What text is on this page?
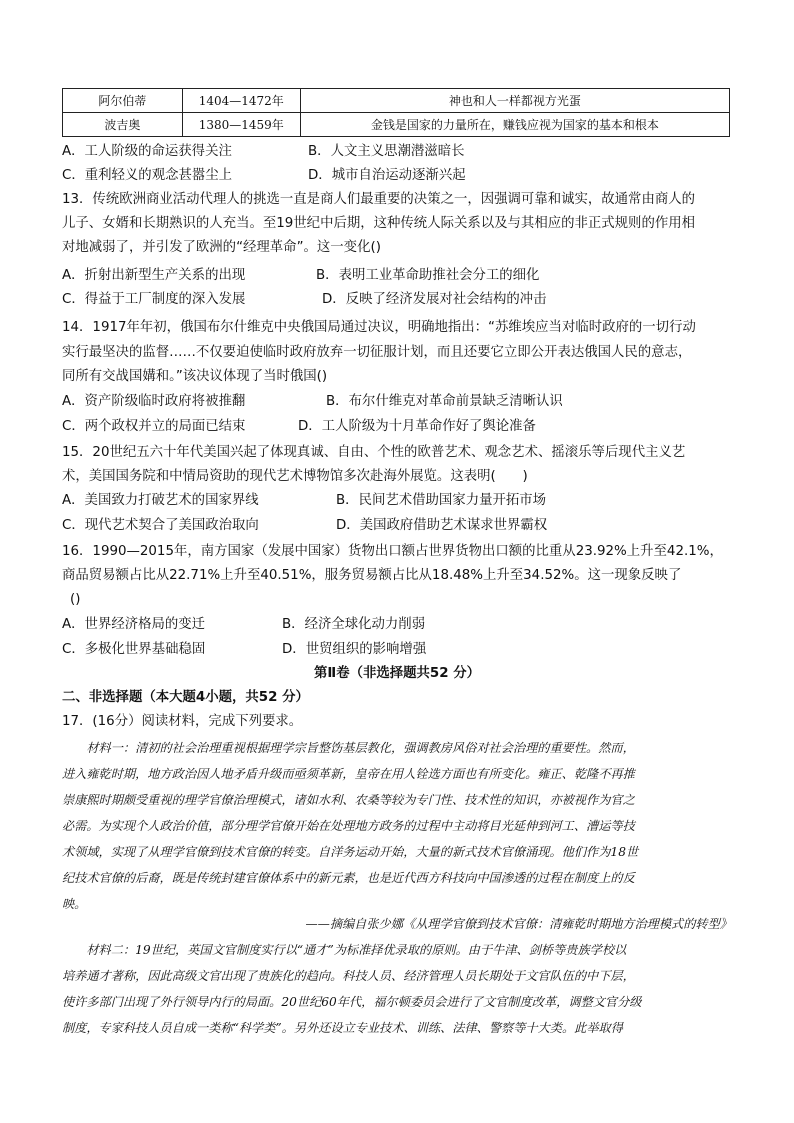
阿尔伯蒂	1404—1472年	神也和人一样都视方光蛋
波吉奥	1380—1459年	金钱是国家的力量所在，赚钱应视为国家的基本和根本
A．工人阶级的命运获得关注	B．人文主义思潮潜滋暗长
C．重利轻义的观念甚嚣尘上	D．城市自治运动逐渐兴起
13．传统欧洲商业活动代理人的挑选一直是商人们最重要的决策之一，因强调可靠和诚实，故通常由商人的
儿子、女婿和长期熟识的人充当。至19世纪中后期，这种传统人际关系以及与其相应的非正式规则的作用相
对地减弱了，并引发了欧洲的“经理革命”。这一变化()
A．折射出新型生产关系的出现	B．表明工业革命助推社会分工的细化
C．得益于工厂制度的深入发展	D．反映了经济发展对社会结构的冲击
14．1917年年初，俄国布尔什维克中央俄国局通过决议，明确地指出：“苏维埃应当对临时政府的一切行动
实行最坚决的监督……不仅要迫使临时政府放弃一切征服计划，而且还要它立即公开表达俄国人民的意志，
同所有交战国媾和。”该决议体现了当时俄国()
A．资产阶级临时政府将被推翻	B．布尔什维克对革命前景缺乏清晰认识
C．两个政权并立的局面已结束	D．工人阶级为十月革命作好了舆论准备
15．20世纪五六十年代美国兴起了体现真诚、自由、个性的欧普艺术、观念艺术、摇滚乐等后现代主义艺
术，美国国务院和中情局资助的现代艺术博物馆多次赴海外展览。这表明(　　)
A．美国致力打破艺术的国家界线	B．民间艺术借助国家力量开拓市场
C．现代艺术契合了美国政治取向	D．美国政府借助艺术谋求世界霸权
16．1990—2015年，南方国家（发展中国家）货物出口额占世界货物出口额的比重从23.92%上升至42.1%，
商品贸易额占比从22.71%上升至40.51%，服务贸易额占比从18.48%上升至34.52%。这一现象反映了
()
A．世界经济格局的变迁	B．经济全球化动力削弱
C．多极化世界基础稳固	D．世贸组织的影响增强
第Ⅱ卷（非选择题共52 分）
二、非选择题（本大题4小题，共52 分）
17．(16分）阅读材料，完成下列要求。
　　材料一：清初的社会治理重视根据理学宗旨整饬基层教化，强调教房风俗对社会治理的重要性。然而，
进入雍乾时期，地方政治因人地矛盾升级而亟须革新，皇帝在用人铨选方面也有所变化。雍正、乾隆不再推
崇康熙时期颇受重视的理学官僚治理模式，诸如水利、农桑等较为专门性、技术性的知识，亦被视作为官之
必需。为实现个人政治价值，部分理学官僚开始在处理地方政务的过程中主动将目光延伸到河工、漕运等技
术领域，实现了从理学官僚到技术官僚的转变。自洋务运动开始，大量的新式技术官僚涌现。他们作为18世
纪技术官僚的后裔，既是传统封建官僚体系中的新元素，也是近代西方科技向中国渗透的过程在制度上的反
映。
——摘编自张少娜《从理学官僚到技术官僚：清雍乾时期地方治理模式的转型》
　　材料二：19世纪，英国文官制度实行以“通才”为标准择优录取的原则。由于牛津、剑桥等贵族学校以
培养通才著称，因此高级文官出现了贵族化的趋向。科技人员、经济管理人员长期处于文官队伍的中下层，
使许多部门出现了外行领导内行的局面。20世纪60年代，福尔顿委员会进行了文官制度改革，调整文官分级
制度，专家科技人员自成一类称“科学类”。另外还设立专业技术、训练、法律、警察等十大类。此举取得
